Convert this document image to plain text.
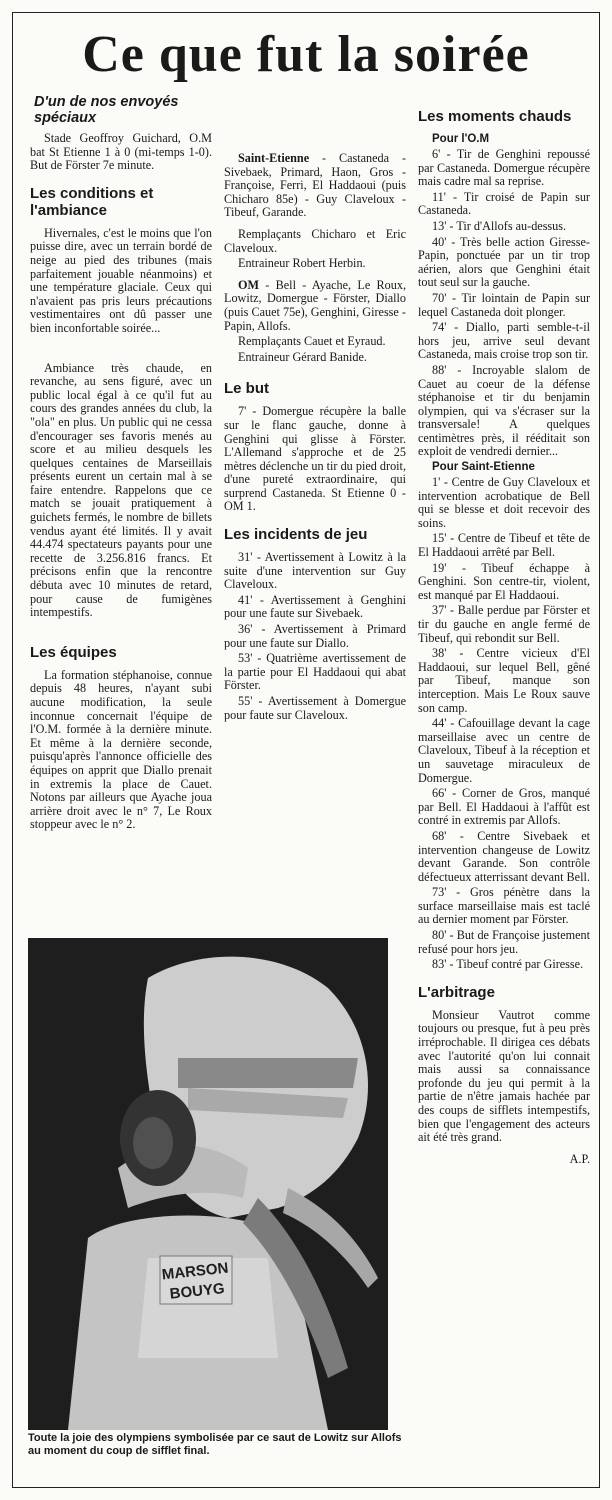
Ce que fut la soirée
D'un de nos envoyés spéciaux

Stade Geoffroy Guichard, O.M bat St Etienne 1 à 0 (mi-temps 1-0). But de Förster 7e minute.

Les conditions et l'ambiance

Hivernales, c'est le moins que l'on puisse dire, avec un terrain bordé de neige au pied des tribunes (mais parfaitement jouable néanmoins) et une température glaciale. Ceux qui n'avaient pas pris leurs précautions vestimentaires ont dû passer une bien inconfortable soirée...

Ambiance très chaude, en revanche, au sens figuré, avec un public local égal à ce qu'il fut au cours des grandes années du club, la "ola" en plus. Un public qui ne cessa d'encourager ses favoris menés au score et au milieu desquels les quelques centaines de Marseillais présents eurent un certain mal à se faire entendre. Rappelons que ce match se jouait pratiquement à guichets fermés, le nombre de billets vendus ayant été limités. Il y avait 44.474 spectateurs payants pour une recette de 3.256.816 francs. Et précisons enfin que la rencontre débuta avec 10 minutes de retard, pour cause de fumigènes intempestifs.

Les équipes

La formation stéphanoise, connue depuis 48 heures, n'ayant subi aucune modification, la seule inconnue concernait l'équipe de l'O.M. formée à la dernière minute. Et même à la dernière seconde, puisqu'après l'annonce officielle des équipes on apprit que Diallo prenait in extremis la place de Cauet. Notons par ailleurs que Ayache joua arrière droit avec le n° 7, Le Roux stoppeur avec le n° 2.

Saint-Etienne - Castaneda - Sivebaek, Primard, Haon, Gros - Françoise, Ferri, El Haddaoui (puis Chicharo 85e) - Guy Claveloux - Tibeuf, Garande.

Remplaçants Chicharo et Eric Claveloux.

Entraineur Robert Herbin.

OM - Bell - Ayache, Le Roux, Lowitz, Domergue - Förster, Diallo (puis Cauet 75e), Genghini, Giresse - Papin, Allofs.

Remplaçants Cauet et Eyraud.

Entraineur Gérard Banide.

Le but

7' - Domergue récupère la balle sur le flanc gauche, donne à Genghini qui glisse à Förster. L'Allemand s'approche et de 25 mètres déclenche un tir du pied droit, d'une pureté extraordinaire, qui surprend Castaneda. St Etienne 0 - OM 1.

Les incidents de jeu

31' - Avertissement à Lowitz à la suite d'une intervention sur Guy Claveloux.

41' - Avertissement à Genghini pour une faute sur Sivebaek.

36' - Avertissement à Primard pour une faute sur Diallo.

53' - Quatrième avertissement de la partie pour El Haddaoui qui abat Förster.

55' - Avertissement à Domergue pour faute sur Claveloux.

Les moments chauds
Pour l'O.M

6' - Tir de Genghini repoussé par Castaneda. Domergue récupère mais cadre mal sa reprise.

11' - Tir croisé de Papin sur Castaneda.

13' - Tir d'Allofs au-dessus.

40' - Très belle action Giresse-Papin, ponctuée par un tir trop aérien, alors que Genghini était tout seul sur la gauche.

70' - Tir lointain de Papin sur lequel Castaneda doit plonger.

74' - Diallo, parti semble-t-il hors jeu, arrive seul devant Castaneda, mais croise trop son tir.

88' - Incroyable slalom de Cauet au coeur de la défense stéphanoise et tir du benjamin olympien, qui va s'écraser sur la transversale! A quelques centimètres près, il rééditait son exploit de vendredi dernier...

Pour Saint-Etienne

1' - Centre de Guy Claveloux et intervention acrobatique de Bell qui se blesse et doit recevoir des soins.

15' - Centre de Tibeuf et tête de El Haddaoui arrêté par Bell.

19' - Tibeuf échappe à Genghini. Son centre-tir, violent, est manqué par El Haddaoui.

37' - Balle perdue par Förster et tir du gauche en angle fermé de Tibeuf, qui rebondit sur Bell.

38' - Centre vicieux d'El Haddaoui, sur lequel Bell, gêné par Tibeuf, manque son interception. Mais Le Roux sauve son camp.

44' - Cafouillage devant la cage marseillaise avec un centre de Claveloux, Tibeuf à la réception et un sauvetage miraculeux de Domergue.

66' - Corner de Gros, manqué par Bell. El Haddaoui à l'affût est contré in extremis par Allofs.

68' - Centre Sivebaek et intervention changeuse de Lowitz devant Garande. Son contrôle défectueux atterrissant devant Bell.

73' - Gros pénètre dans la surface marseillaise mais est taclé au dernier moment par Förster.

80' - But de Françoise justement refusé pour hors jeu.

83' - Tibeuf contré par Giresse.

L'arbitrage

Monsieur Vautrot comme toujours ou presque, fut à peu près irréprochable. Il dirigea ces débats avec l'autorité qu'on lui connait mais aussi sa connaissance profonde du jeu qui permit à la partie de n'être jamais hachée par des coups de sifflets intempestifs, bien que l'engagement des acteurs ait été très grand.

A.P.
MARSON
BOUYG
Toute la joie des olympiens symbolisée par ce saut de Lowitz sur Allofs au moment du coup de sifflet final.
